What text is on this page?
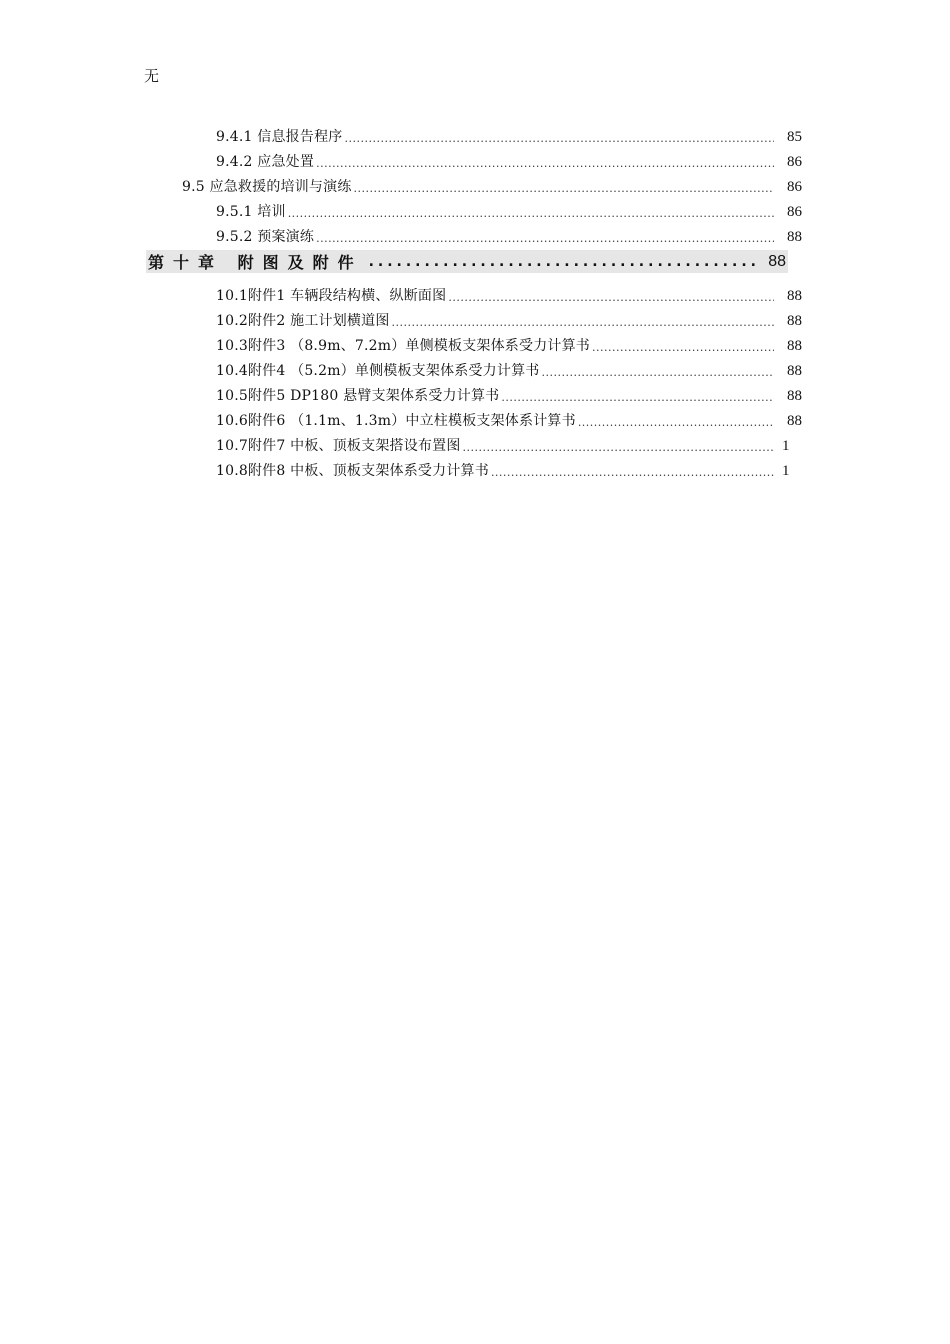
无
9.4.1 信息报告程序 .....	85
9.4.2 应急处置 .....	86
9.5 应急救援的培训与演练 .....	86
9.5.1 培训 .....	86
9.5.2 预案演练 .....	88
第十章 附图及附件 .....	88
10.1附件1 车辆段结构横、纵断面图 .....	88
10.2附件2 施工计划横道图 .....	88
10.3附件3 （8.9m、7.2m）单侧模板支架体系受力计算书 .....	88
10.4附件4 （5.2m）单侧模板支架体系受力计算书 .....	88
10.5附件5 DP180 悬臂支架体系受力计算书 .....	88
10.6附件6 （1.1m、1.3m）中立柱模板支架体系计算书 .....	88
10.7附件7 中板、顶板支架搭设布置图 .....	1
10.8附件8 中板、顶板支架体系受力计算书 .....	1
